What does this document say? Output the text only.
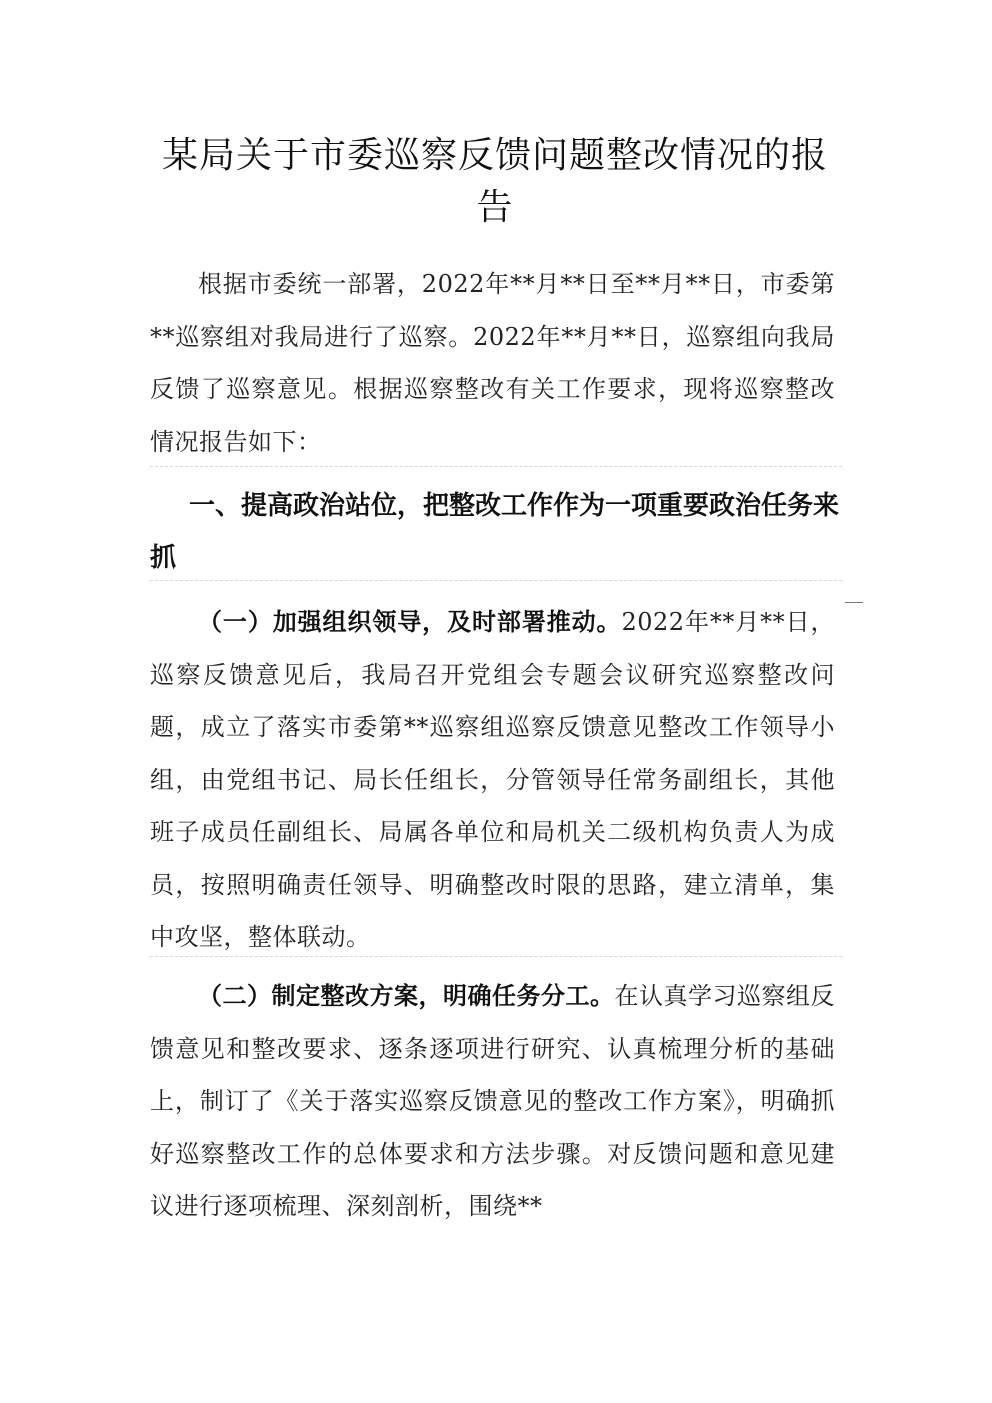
某局关于市委巡察反馈问题整改情况的报告

根据市委统一部署，2022年**月**日至**月**日，市委第**巡察组对我局进行了巡察。2022年**月**日，巡察组向我局反馈了巡察意见。根据巡察整改有关工作要求，现将巡察整改情况报告如下：

一、提高政治站位，把整改工作作为一项重要政治任务来抓

（一）加强组织领导，及时部署推动。2022年**月**日，巡察反馈意见后，我局召开党组会专题会议研究巡察整改问题，成立了落实市委第**巡察组巡察反馈意见整改工作领导小组，由党组书记、局长任组长，分管领导任常务副组长，其他班子成员任副组长、局属各单位和局机关二级机构负责人为成员，按照明确责任领导、明确整改时限的思路，建立清单，集中攻坚，整体联动。

（二）制定整改方案，明确任务分工。在认真学习巡察组反馈意见和整改要求、逐条逐项进行研究、认真梳理分析的基础上，制订了《关于落实巡察反馈意见的整改工作方案》，明确抓好巡察整改工作的总体要求和方法步骤。对反馈问题和意见建议进行逐项梳理、深刻剖析，围绕**
